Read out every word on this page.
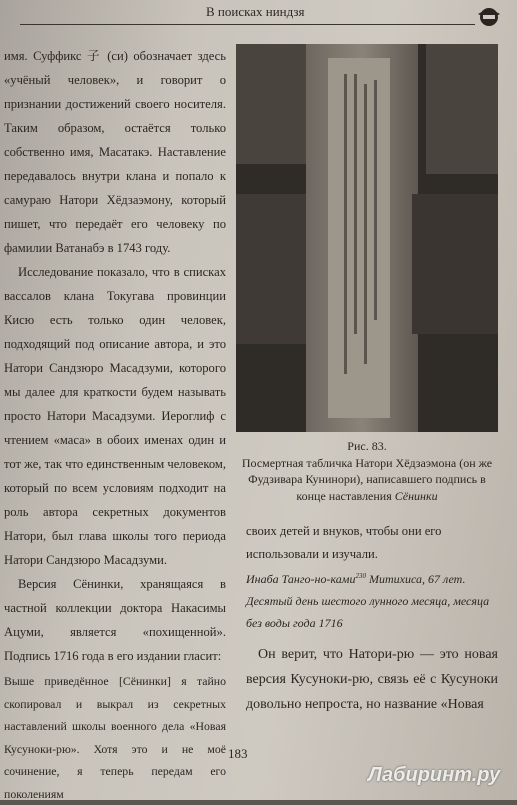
В поисках ниндзя

имя. Суффикс 子 (си) обозначает здесь «учёный человек», и говорит о признании достижений своего носителя. Таким образом, остаётся только собственно имя, Масатакэ. Наставление передавалось внутри клана и попало к самураю Натори Хёдзаэмону, который пишет, что передаёт его человеку по фамилии Ватанабэ в 1743 году.

Исследование показало, что в списках вассалов клана Токугава провинции Кисю есть только один человек, подходящий под описание автора, и это Натори Сандзюро Масадзуми, которого мы далее для краткости будем называть просто Натори Масадзуми. Иероглиф с чтением «маса» в обоих именах один и тот же, так что единственным человеком, который по всем условиям подходит на роль автора секретных документов Натори, был глава школы того периода Натори Сандзюро Масадзуми.

Версия Сёнинки, хранящаяся в частной коллекции доктора Накасимы Ацуми, является «похищенной». Подпись 1716 года в его издании гласит:

Выше приведённое [Сёнинки] я тайно скопировал и выкрал из секретных наставлений школы военного дела «Новая Кусуноки-рю». Хотя это и не моё сочинение, я теперь передам его поколениям

Рис. 83.
Посмертная табличка Натори Хёдзаэмона (он же Фудзивара Кунинори), написавшего подпись в конце наставления Сёнинки

своих детей и внуков, чтобы они его использовали и изучали.

Инаба Танго-но-ками$^{230}$ Митихиса, 67 лет.

Десятый день шестого лунного месяца, месяца без воды года 1716

Он верит, что Натори-рю — это новая версия Кусуноки-рю, связь её с Кусуноки довольно непроста, но название «Новая

183
Лабиринт.ру
